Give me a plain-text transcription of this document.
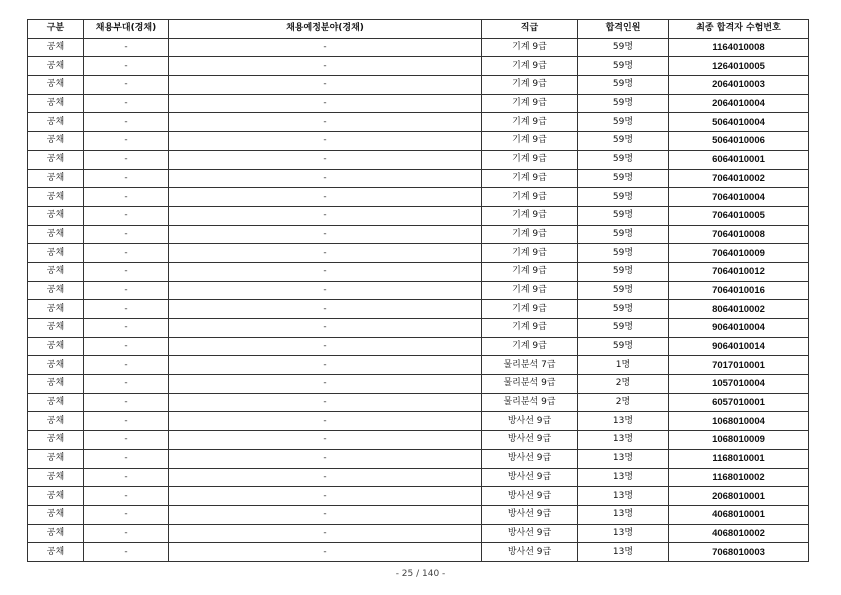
구분	채용부대(경채)	채용예정분야(경채)	직급	합격인원	최종 합격자 수험번호
공채	-	-	기계 9급	59명	1164010008
공채	-	-	기계 9급	59명	1264010005
공채	-	-	기계 9급	59명	2064010003
공채	-	-	기계 9급	59명	2064010004
공채	-	-	기계 9급	59명	5064010004
공채	-	-	기계 9급	59명	5064010006
공채	-	-	기계 9급	59명	6064010001
공채	-	-	기계 9급	59명	7064010002
공채	-	-	기계 9급	59명	7064010004
공채	-	-	기계 9급	59명	7064010005
공채	-	-	기계 9급	59명	7064010008
공채	-	-	기계 9급	59명	7064010009
공채	-	-	기계 9급	59명	7064010012
공채	-	-	기계 9급	59명	7064010016
공채	-	-	기계 9급	59명	8064010002
공채	-	-	기계 9급	59명	9064010004
공채	-	-	기계 9급	59명	9064010014
공채	-	-	물리분석 7급	1명	7017010001
공채	-	-	물리분석 9급	2명	1057010004
공채	-	-	물리분석 9급	2명	6057010001
공채	-	-	방사선 9급	13명	1068010004
공채	-	-	방사선 9급	13명	1068010009
공채	-	-	방사선 9급	13명	1168010001
공채	-	-	방사선 9급	13명	1168010002
공채	-	-	방사선 9급	13명	2068010001
공채	-	-	방사선 9급	13명	4068010001
공채	-	-	방사선 9급	13명	4068010002
공채	-	-	방사선 9급	13명	7068010003
- 25 / 140 -
